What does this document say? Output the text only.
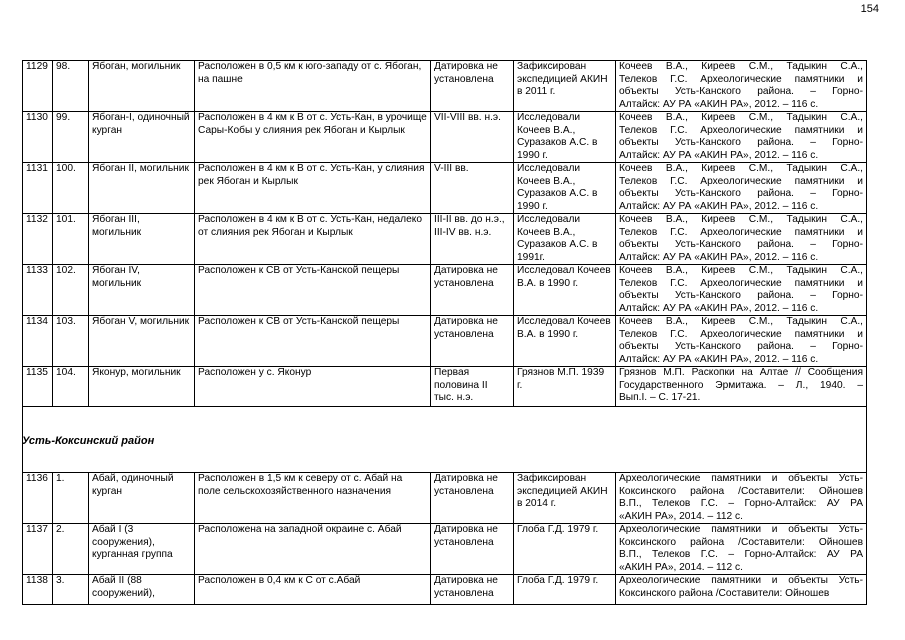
154
1129	98.	Ябоган, могильник	Расположен в 0,5 км к юго-западу от с. Ябоган, на пашне	Датировка не установлена	Зафиксирован экспедицией АКИН в 2011 г.	Кочеев В.А., Киреев С.М., Тадыкин С.А.,
Телеков Г.С. Археологические памятники и
объекты Усть-Канского района. – Горно-
Алтайск: АУ РА «АКИН РА», 2012. – 116 с.

1130	99.	Ябоган-I, одиночный курган	Расположен в 4 км к В от с. Усть-Кан, в урочище Сары-Кобы у слияния рек Ябоган и Кырлык	VII-VIII вв. н.э.	Исследовали Кочеев В.А., Суразаков А.С. в 1990 г.	Кочеев В.А., Киреев С.М., Тадыкин С.А.,
Телеков Г.С. Археологические памятники и
объекты Усть-Канского района. – Горно-
Алтайск: АУ РА «АКИН РА», 2012. – 116 с.

1131	100.	Ябоган II, могильник	Расположен в 4 км к В от с. Усть-Кан, у слияния рек Ябоган и Кырлык	V-III вв.	Исследовали Кочеев В.А., Суразаков А.С. в 1990 г.	Кочеев В.А., Киреев С.М., Тадыкин С.А.,
Телеков Г.С. Археологические памятники и
объекты Усть-Канского района. – Горно-
Алтайск: АУ РА «АКИН РА», 2012. – 116 с.

1132	101.	Ябоган III, могильник	Расположен в 4 км к В от с. Усть-Кан, недалеко от слияния рек Ябоган и Кырлык	III-II вв. до н.э., III-IV вв. н.э.	Исследовали Кочеев В.А., Суразаков А.С. в 1991г.	Кочеев В.А., Киреев С.М., Тадыкин С.А.,
Телеков Г.С. Археологические памятники и
объекты Усть-Канского района. – Горно-
Алтайск: АУ РА «АКИН РА», 2012. – 116 с.

1133	102.	Ябоган IV, могильник	Расположен к СВ от Усть-Канской пещеры	Датировка не установлена	Исследовал Кочеев В.А. в 1990 г.	Кочеев В.А., Киреев С.М., Тадыкин С.А.,
Телеков Г.С. Археологические памятники и
объекты Усть-Канского района. – Горно-
Алтайск: АУ РА «АКИН РА», 2012. – 116 с.

1134	103.	Ябоган V, могильник	Расположен к СВ от Усть-Канской пещеры	Датировка не установлена	Исследовал Кочеев В.А. в 1990 г.	Кочеев В.А., Киреев С.М., Тадыкин С.А.,
Телеков Г.С. Археологические памятники и
объекты Усть-Канского района. – Горно-
Алтайск: АУ РА «АКИН РА», 2012. – 116 с.

1135	104.	Яконур, могильник	Расположен у с. Яконур	Первая половина II тыс. н.э.	Грязнов М.П. 1939 г.	Грязнов М.П. Раскопки на Алтае // Сообщения
Государственного Эрмитажа. – Л., 1940. –
Вып.I. – С. 17-21.

1136	1.	Абай, одиночный курган	Расположен в 1,5 км к северу от с. Абай на поле сельскохозяйственного назначения	Датировка не установлена	Зафиксирован экспедицией АКИН в 2014 г.	Археологические памятники и объекты Усть-
Коксинского района /Составители: Ойношев
В.П., Телеков Г.С. – Горно-Алтайск: АУ РА
«АКИН РА», 2014. – 112 с.

1137	2.	Абай I (3 сооружения), курганная группа	Расположена на западной окраине с. Абай	Датировка не установлена	Глоба Г.Д. 1979 г.	Археологические памятники и объекты Усть-
Коксинского района /Составители: Ойношев
В.П., Телеков Г.С. – Горно-Алтайск: АУ РА
«АКИН РА», 2014. – 112 с.

1138	3.	Абай II (88 сооружений),	Расположен в 0,4 км к С от с.Абай	Датировка не установлена	Глоба Г.Д. 1979 г.	Археологические памятники и объекты Усть-
Коксинского района /Составители: Ойношев
Усть-Коксинский район
